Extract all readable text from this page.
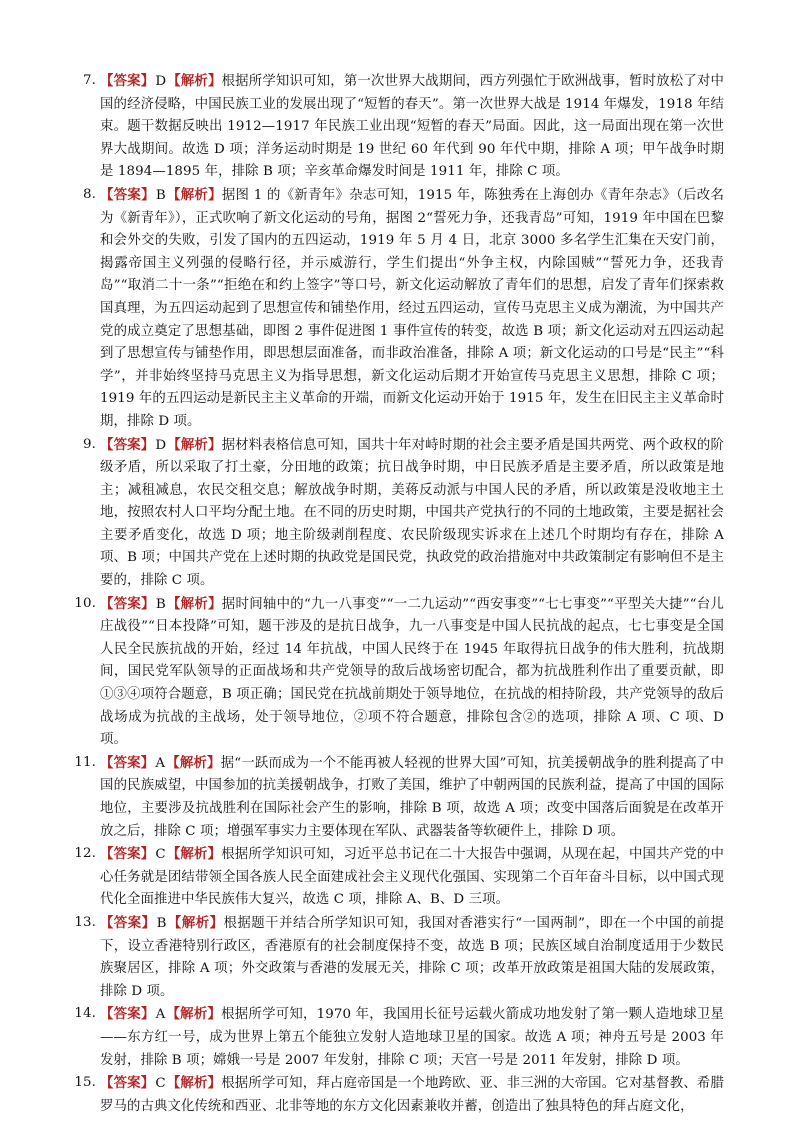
7. 【答案】D【解析】根据所学知识可知，第一次世界大战期间，西方列强忙于欧洲战事，暂时放松了对中国的经济侵略，中国民族工业的发展出现了“短暂的春天”。第一次世界大战是 1914 年爆发，1918 年结束。题干数据反映出 1912—1917 年民族工业出现“短暂的春天”局面。因此，这一局面出现在第一次世界大战期间。故选 D 项；洋务运动时期是 19 世纪 60 年代到 90 年代中期，排除 A 项；甲午战争时期是 1894—1895 年，排除 B 项；辛亥革命爆发时间是 1911 年，排除 C 项。
8. 【答案】B【解析】据图 1 的《新青年》杂志可知，1915 年，陈独秀在上海创办《青年杂志》（后改名为《新青年》），正式吹响了新文化运动的号角，据图 2“誓死力争，还我青岛”可知，1919 年中国在巴黎和会外交的失败，引发了国内的五四运动，1919 年 5 月 4 日，北京 3000 多名学生汇集在天安门前，揭露帝国主义列强的侵略行径，并示威游行，学生们提出“外争主权，内除国贼”“誓死力争，还我青岛”“取消二十一条”“拒绝在和约上签字”等口号，新文化运动解放了青年们的思想，启发了青年们探索救国真理，为五四运动起到了思想宣传和铺垫作用，经过五四运动，宣传马克思主义成为潮流，为中国共产党的成立奠定了思想基础，即图 2 事件促进图 1 事件宣传的转变，故选 B 项；新文化运动对五四运动起到了思想宣传与铺垫作用，即思想层面准备，而非政治准备，排除 A 项；新文化运动的口号是“民主”“科学”，并非始终坚持马克思主义为指导思想，新文化运动后期才开始宣传马克思主义思想，排除 C 项；1919 年的五四运动是新民主主义革命的开端，而新文化运动开始于 1915 年，发生在旧民主主义革命时期，排除 D 项。
9. 【答案】D【解析】据材料表格信息可知，国共十年对峙时期的社会主要矛盾是国共两党、两个政权的阶级矛盾，所以采取了打土豪，分田地的政策；抗日战争时期，中日民族矛盾是主要矛盾，所以政策是地主；减租减息，农民交租交息；解放战争时期，美蒋反动派与中国人民的矛盾，所以政策是没收地主土地，按照农村人口平均分配土地。在不同的历史时期，中国共产党执行的不同的土地政策，主要是据社会主要矛盾变化，故选 D 项；地主阶级剥削程度、农民阶级现实诉求在上述几个时期均有存在，排除 A 项、B 项；中国共产党在上述时期的执政党是国民党，执政党的政治措施对中共政策制定有影响但不是主要的，排除 C 项。
10. 【答案】B【解析】据时间轴中的“九一八事变”“一二九运动”“西安事变”“七七事变”“平型关大捷”“台儿庄战役”“日本投降”可知，题干涉及的是抗日战争，九一八事变是中国人民抗战的起点，七七事变是全国人民全民族抗战的开始，经过 14 年抗战，中国人民终于在 1945 年取得抗日战争的伟大胜利，抗战期间，国民党军队领导的正面战场和共产党领导的敌后战场密切配合，都为抗战胜利作出了重要贡献，即①③④项符合题意，B 项正确；国民党在抗战前期处于领导地位，在抗战的相持阶段，共产党领导的敌后战场成为抗战的主战场，处于领导地位，②项不符合题意，排除包含②的选项，排除 A 项、C 项、D 项。
11. 【答案】A【解析】据“一跃而成为一个不能再被人轻视的世界大国”可知，抗美援朝战争的胜利提高了中国的民族威望，中国参加的抗美援朝战争，打败了美国，维护了中朝两国的民族利益，提高了中国的国际地位，主要涉及抗战胜利在国际社会产生的影响，排除 B 项，故选 A 项；改变中国落后面貌是在改革开放之后，排除 C 项；增强军事实力主要体现在军队、武器装备等软硬件上，排除 D 项。
12. 【答案】C【解析】根据所学知识可知，习近平总书记在二十大报告中强调，从现在起，中国共产党的中心任务就是团结带领全国各族人民全面建成社会主义现代化强国、实现第二个百年奋斗目标，以中国式现代化全面推进中华民族伟大复兴，故选 C 项，排除 A、B、D 三项。
13. 【答案】B【解析】根据题干并结合所学知识可知，我国对香港实行“一国两制”，即在一个中国的前提下，设立香港特别行政区，香港原有的社会制度保持不变，故选 B 项；民族区域自治制度适用于少数民族聚居区，排除 A 项；外交政策与香港的发展无关，排除 C 项；改革开放政策是祖国大陆的发展政策，排除 D 项。
14. 【答案】A【解析】根据所学可知，1970 年，我国用长征号运载火箭成功地发射了第一颗人造地球卫星——东方红一号，成为世界上第五个能独立发射人造地球卫星的国家。故选 A 项；神舟五号是 2003 年发射，排除 B 项；嫦娥一号是 2007 年发射，排除 C 项；天宫一号是 2011 年发射，排除 D 项。
15. 【答案】C【解析】根据所学可知，拜占庭帝国是一个地跨欧、亚、非三洲的大帝国。它对基督教、希腊罗马的古典文化传统和西亚、北非等地的东方文化因素兼收并蓄，创造出了独具特色的拜占庭文化，
